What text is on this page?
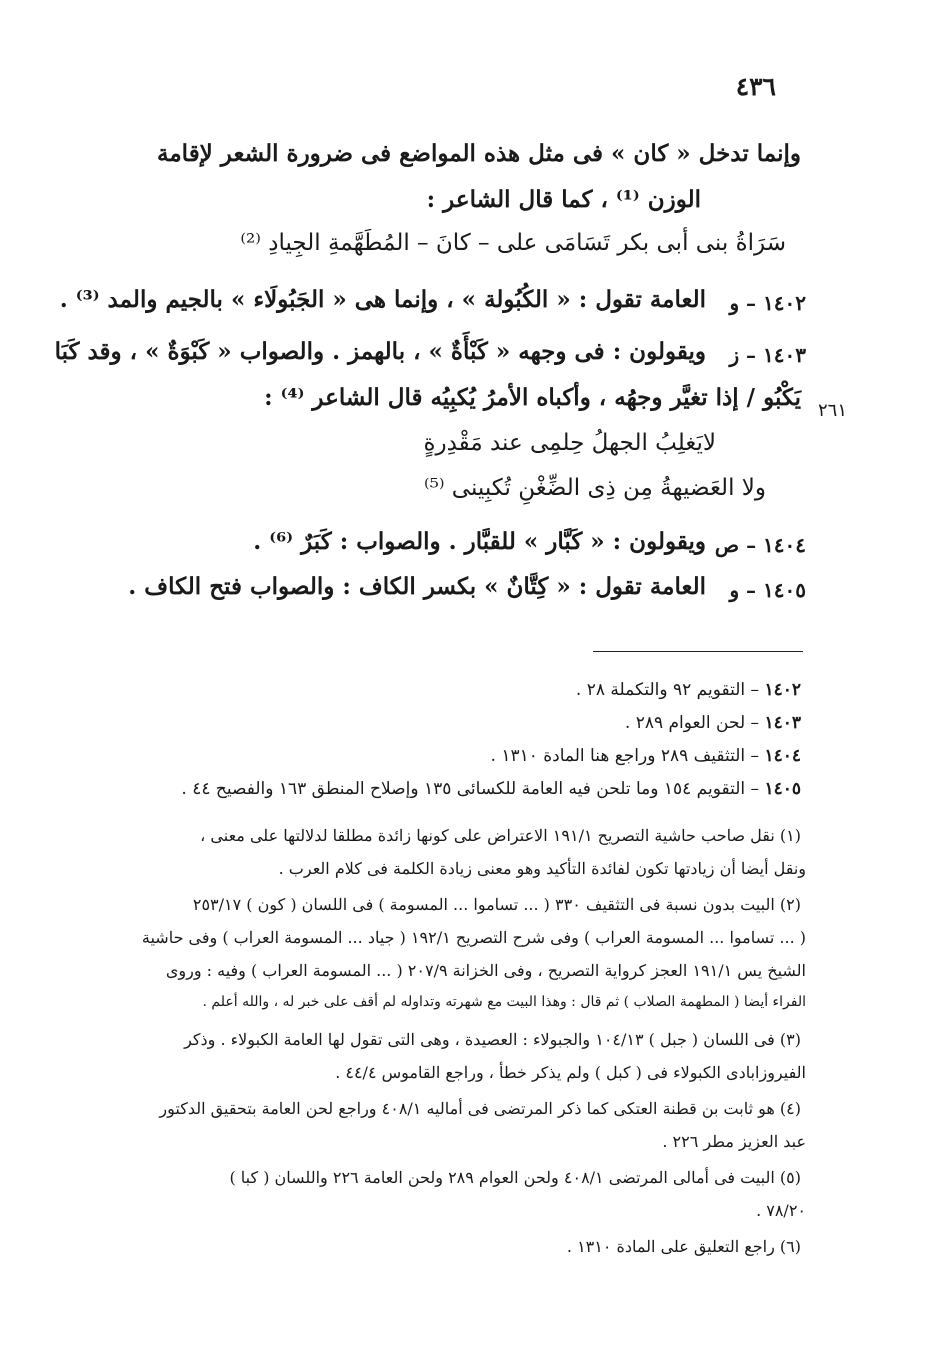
٤٣٦
٢٦١
وإنما تدخل « كان » فى مثل هذه المواضع فى ضرورة الشعر لإقامة
الوزن ⁽¹⁾ ، كما قال الشاعر :
سَرَاةُ بنى أبى بكر تَسَامَى على – كانَ – المُطَهَّمةِ الجِيادِ ⁽²⁾
١٤٠٢ – و
العامة تقول : « الكُبُولة » ، وإنما هى « الجَبُولَاء » بالجيم والمد ⁽³⁾ .
١٤٠٣ – ز
ويقولون : فى وجهه « كَبْأَةٌ » ، بالهمز . والصواب « كَبْوَةٌ » ، وقد كَبَا
يَكْبُو / إذا تغيَّر وجهُه ، وأكباه الأمرُ يُكبِيُه قال الشاعر ⁽⁴⁾ :
لايَغلِبُ الجهلُ حِلمِى عند مَقْدِرةٍ
ولا العَضيهةُ مِن ذِى الضِّغْنِ تُكبِينى ⁽⁵⁾
١٤٠٤ – ص
ويقولون : « كَبَّار » للقبَّار . والصواب : كَبَرٌ ⁽⁶⁾ .
١٤٠٥ – و
العامة تقول : « كِتَّانٌ » بكسر الكاف : والصواب فتح الكاف .
١٤٠٢ – التقويم ٩٢ والتكملة ٢٨ .
١٤٠٣ – لحن العوام ٢٨٩ .
١٤٠٤ – التثقيف ٢٨٩ وراجع هنا المادة ١٣١٠ .
١٤٠٥ – التقويم ١٥٤ وما تلحن فيه العامة للكسائى ١٣٥ وإصلاح المنطق ١٦٣ والفصيح ٤٤ .
(١) نقل صاحب حاشية التصريح ١٩١/١ الاعتراض على كونها زائدة مطلقا لدلالتها على معنى ،
ونقل أيضا أن زيادتها تكون لفائدة التأكيد وهو معنى زيادة الكلمة فى كلام العرب .
(٢) البيت بدون نسبة فى التثقيف ٣٣٠ ( ... تساموا ... المسومة ) فى اللسان ( كون ) ٢٥٣/١٧
( ... تساموا ... المسومة العراب ) وفى شرح التصريح ١٩٢/١ ( جياد ... المسومة العراب ) وفى حاشية
الشيخ يس ١٩١/١ العجز كرواية التصريح ، وفى الخزانة ٢٠٧/٩ ( ... المسومة العراب ) وفيه : وروى
الفراء أيضا ( المطهمة الصلاب ) ثم قال : وهذا البيت مع شهرته وتداوله لم أقف على خبر له ، والله أعلم .
(٣) فى اللسان ( جبل ) ١٠٤/١٣ والجبولاء : العصيدة ، وهى التى تقول لها العامة الكبولاء . وذكر
الفيروزابادى الكبولاء فى ( كبل ) ولم يذكر خطأ ، وراجع القاموس ٤٤/٤ .
(٤) هو ثابت بن قطنة العتكى كما ذكر المرتضى فى أماليه ٤٠٨/١ وراجع لحن العامة بتحقيق الدكتور
عبد العزيز مطر ٢٢٦ .
(٥) البيت فى أمالى المرتضى ٤٠٨/١ ولحن العوام ٢٨٩ ولحن العامة ٢٢٦ واللسان ( كبا )
٧٨/٢٠ .
(٦) راجع التعليق على المادة ١٣١٠ .
